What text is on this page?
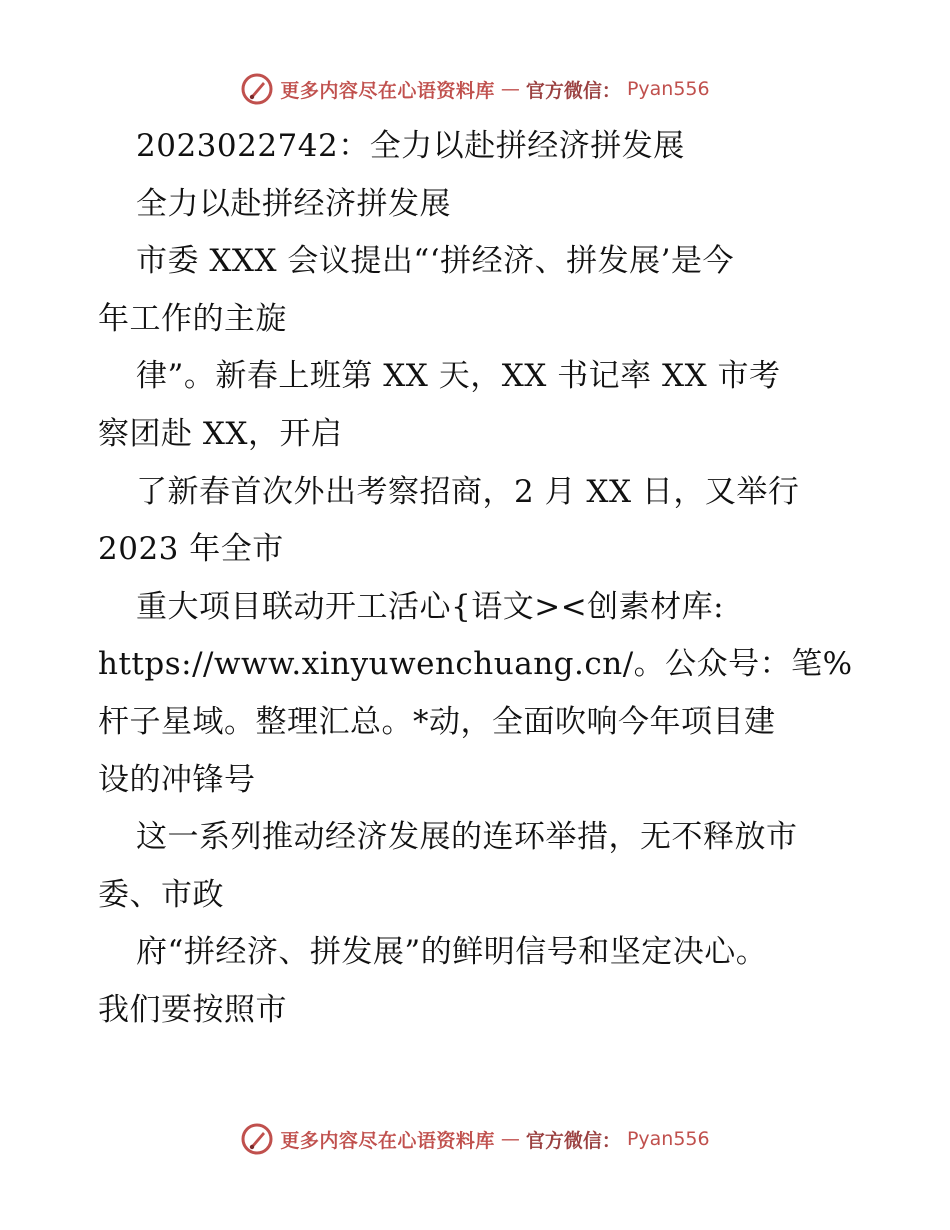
更多内容尽在心语资料库 — 官方微信： Pyan556
2023022742：全力以赴拼经济拼发展
全力以赴拼经济拼发展
市委 XXX 会议提出“‘拼经济、拼发展’是今
年工作的主旋
律”。新春上班第 XX 天，XX 书记率 XX 市考
察团赴 XX，开启
了新春首次外出考察招商，2 月 XX 日，又举行
2023 年全市
重大项目联动开工活心{语文><创素材库:
https://www.xinyuwenchuang.cn/。公众号：笔%
杆子星域。整理汇总。*动，全面吹响今年项目建
设的冲锋号
这一系列推动经济发展的连环举措，无不释放市
委、市政
府“拼经济、拼发展”的鲜明信号和坚定决心。
我们要按照市
更多内容尽在心语资料库 — 官方微信： Pyan556
